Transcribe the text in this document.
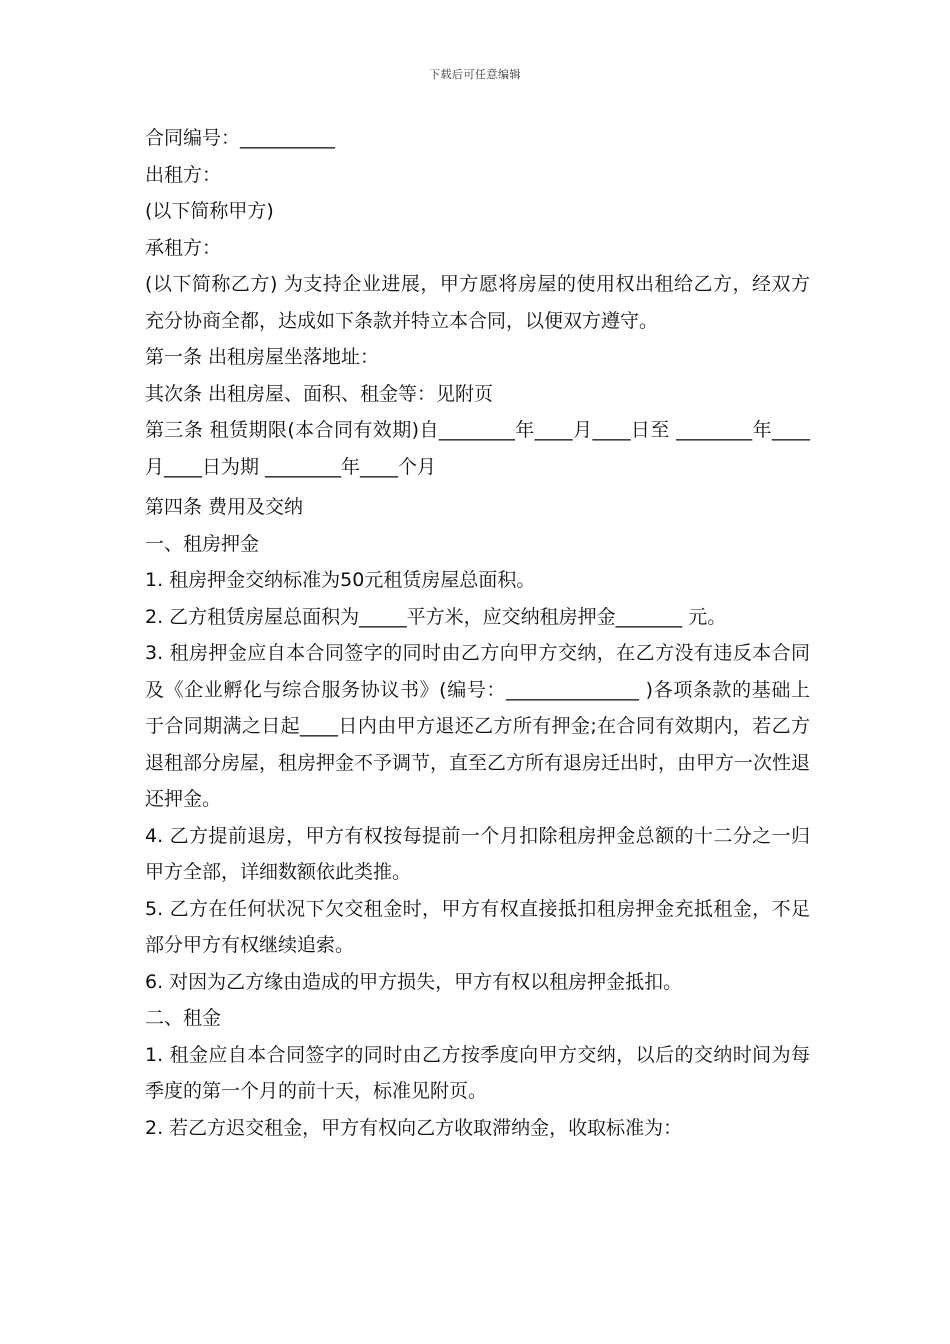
下载后可任意编辑

合同编号：__________

出租方：

(以下简称甲方)

承租方：

(以下简称乙方) 为支持企业进展，甲方愿将房屋的使用权出租给乙方，经双方充分协商全都，达成如下条款并特立本合同，以便双方遵守。

第一条 出租房屋坐落地址：

其次条 出租房屋、面积、租金等：见附页

第三条 租赁期限(本合同有效期)自________年____月____日至 ________年____月____日为期 ________年____个月

第四条 费用及交纳

一、租房押金

1. 租房押金交纳标准为50元租赁房屋总面积。

2. 乙方租赁房屋总面积为_____平方米，应交纳租房押金_______ 元。

3. 租房押金应自本合同签字的同时由乙方向甲方交纳，在乙方没有违反本合同及《企业孵化与综合服务协议书》(编号：______________ )各项条款的基础上于合同期满之日起____日内由甲方退还乙方所有押金;在合同有效期内，若乙方退租部分房屋，租房押金不予调节，直至乙方所有退房迁出时，由甲方一次性退还押金。

4. 乙方提前退房，甲方有权按每提前一个月扣除租房押金总额的十二分之一归甲方全部，详细数额依此类推。

5. 乙方在任何状况下欠交租金时，甲方有权直接抵扣租房押金充抵租金，不足部分甲方有权继续追索。

6. 对因为乙方缘由造成的甲方损失，甲方有权以租房押金抵扣。

二、租金

1. 租金应自本合同签字的同时由乙方按季度向甲方交纳，以后的交纳时间为每季度的第一个月的前十天，标准见附页。

2. 若乙方迟交租金，甲方有权向乙方收取滞纳金，收取标准为：
